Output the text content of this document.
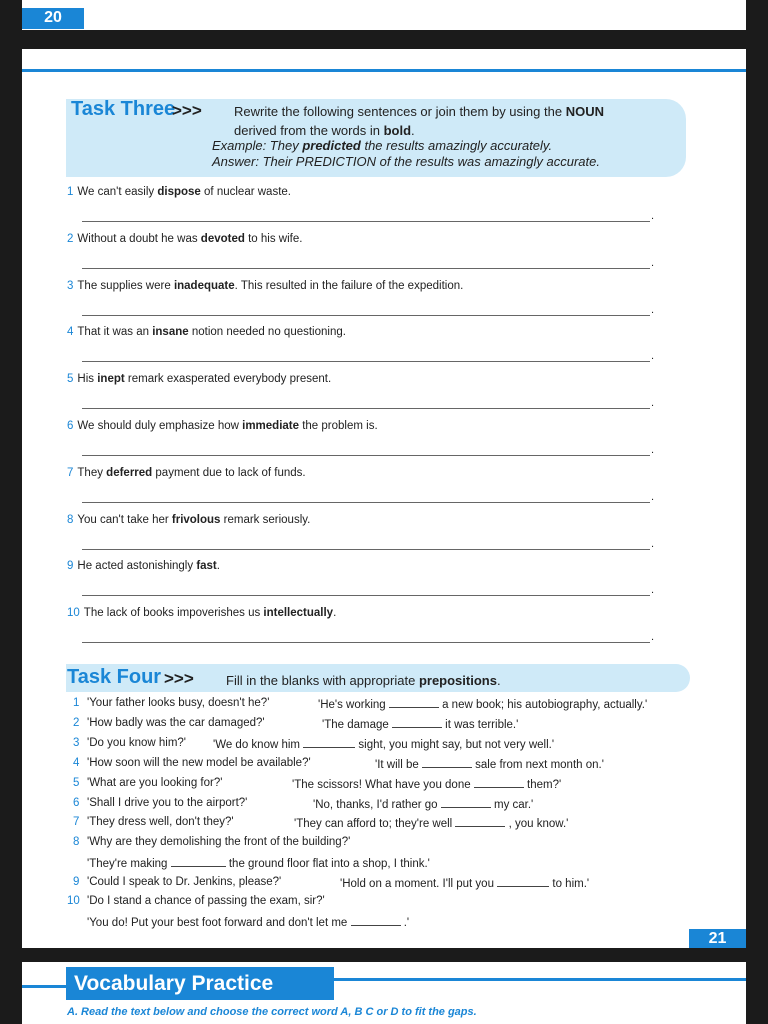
20
Task Three
>>> Rewrite the following sentences or join them by using the NOUN
derived from the words in bold.
Example: They predicted the results amazingly accurately.
Answer: Their PREDICTION of the results was amazingly accurate.
1 We can't easily dispose of nuclear waste.
.
2 Without a doubt he was devoted to his wife.
.
3 The supplies were inadequate. This resulted in the failure of the expedition.
.
4 That it was an insane notion needed no questioning.
.
5 His inept remark exasperated everybody present.
.
6 We should duly emphasize how immediate the problem is.
.
7 They deferred payment due to lack of funds.
.
8 You can't take her frivolous remark seriously.
.
9 He acted astonishingly fast.
.
10 The lack of books impoverishes us intellectually.
.
Task Four >>> Fill in the blanks with appropriate prepositions.
1 'Your father looks busy, doesn't he?'	'He's working	a new book; his autobiography, actually.'
2 'How badly was the car damaged?'	'The damage	it was terrible.'
3 'Do you know him?' 'We do know him	sight, you might say, but not very well.'
4 'How soon will the new model be available?'	'It will be	sale from next month on.'
5 'What are you looking for?'	'The scissors! What have you done	them?'
6 'Shall I drive you to the airport?'	'No, thanks, I'd rather go	my car.'
7 'They dress well, don't they?'	'They can afford to; they're well	, you know.'
8 'Why are they demolishing the front of the building?'
'They're making	the ground floor flat into a shop, I think.'
9 'Could I speak to Dr. Jenkins, please?'	'Hold on a moment. I'll put you	to him.'
10 'Do I stand a chance of passing the exam, sir?'
'You do! Put your best foot forward and don't let me	.'
21
Vocabulary Practice
A. Read the text below and choose the correct word A, B C or D to fit the gaps.
